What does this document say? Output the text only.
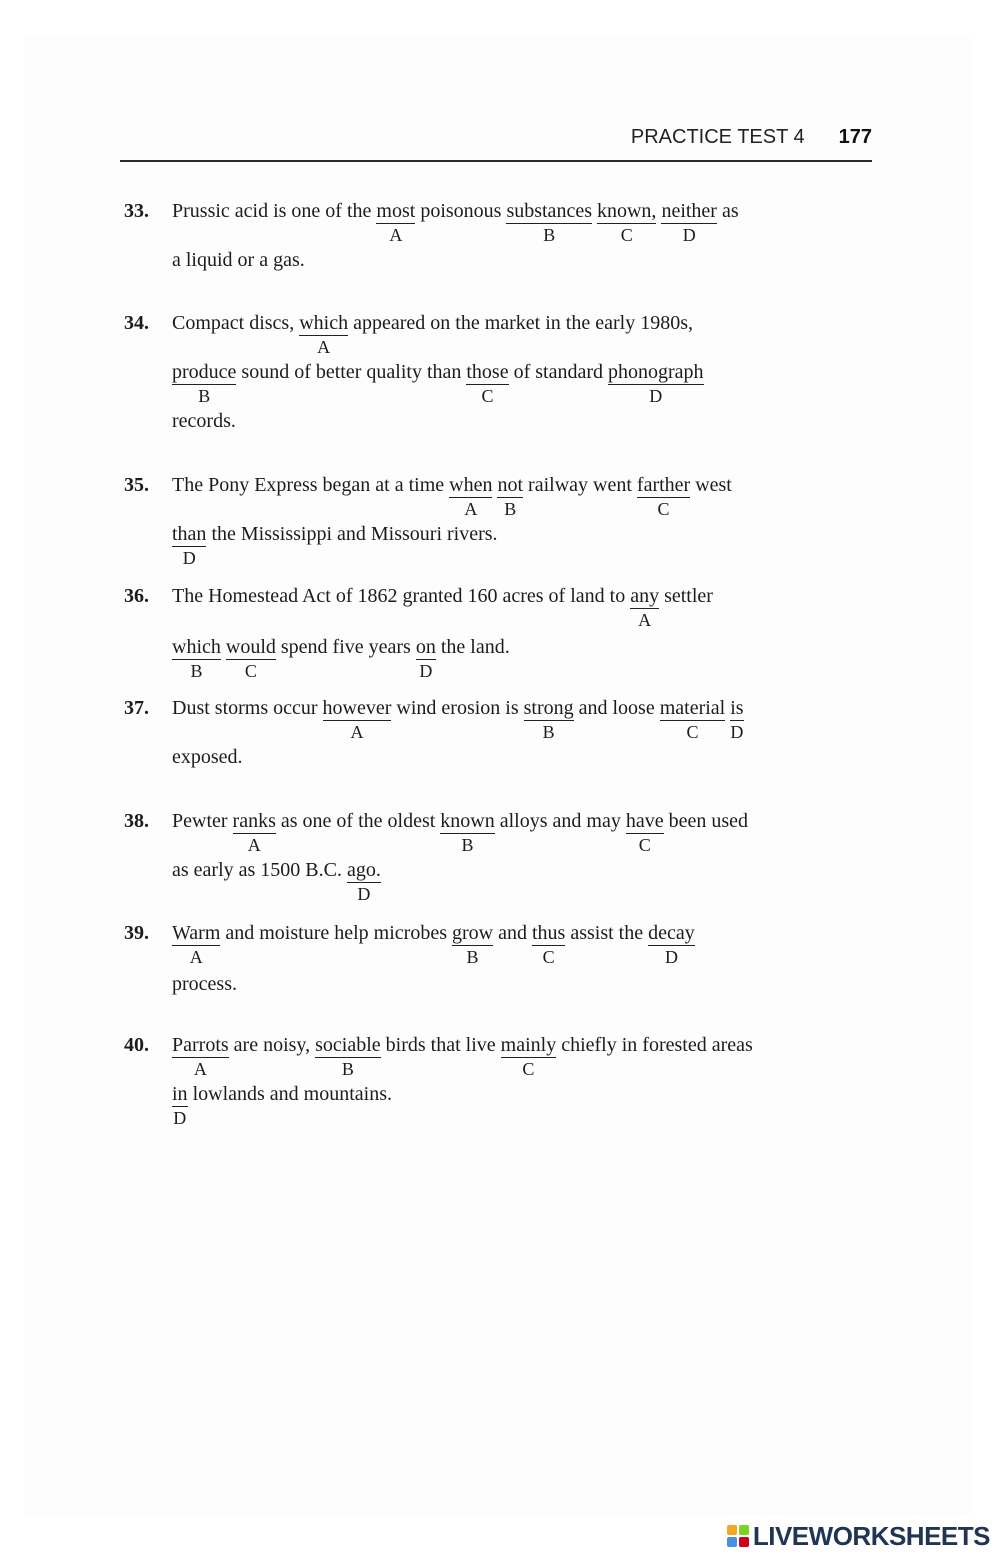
PRACTICE TEST 4 177
33. Prussic acid is one of the most
A
poisonous substances
B
known,
C
neither
D
as
a liquid or a gas.
34. Compact discs, which
A
appeared on the market in the early 1980s,
produce
B
sound of better quality than those
C
of standard phonograph
D
records.
35. The Pony Express began at a time when
A
not
B
railway went farther
C
west
than
D
the Mississippi and Missouri rivers.
36. The Homestead Act of 1862 granted 160 acres of land to any
A
settler
which
B
would
C
spend five years on
D
the land.
37. Dust storms occur however
A
wind erosion is strong
B
and loose material
C
is
D
exposed.
38. Pewter ranks
A
as one of the oldest known
B
alloys and may have
C
been used
as early as 1500 B.C. ago.
D
39. Warm
A
and moisture help microbes grow
B
and thus
C
assist the decay
D
process.
40. Parrots
A
are noisy, sociable
B
birds that live mainly
C
chiefly in forested areas
in
D
lowlands and mountains.
LIVEWORKSHEETS
